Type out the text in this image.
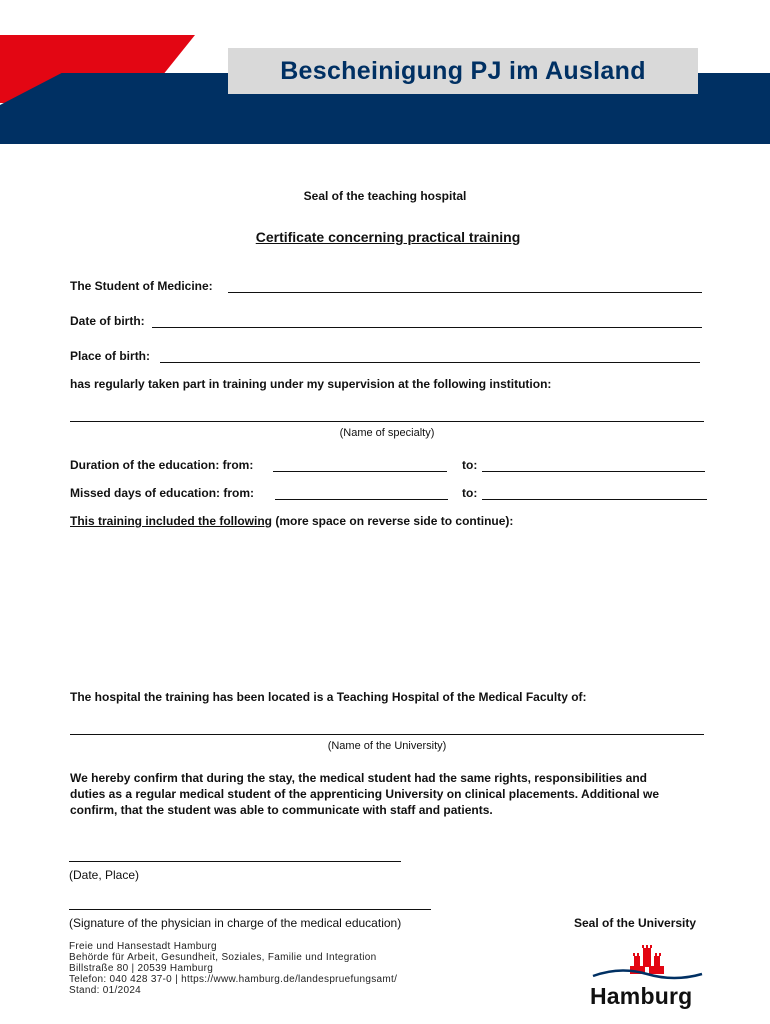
Bescheinigung PJ im Ausland
Seal of the teaching hospital
Certificate concerning practical training
The Student of Medicine:
Date of birth:
Place of birth:
has regularly taken part in training under my supervision at the following institution:
(Name of specialty)
Duration of the education: from:	to:
Missed days of education: from:	to:
This training included the following (more space on reverse side to continue):
The hospital the training has been located is a Teaching Hospital of the Medical Faculty of:
(Name of the University)
We hereby confirm that during the stay, the medical student had the same rights, responsibilities and
duties as a regular medical student of the apprenticing University on clinical placements. Additional we
confirm, that the student was able to communicate with staff and patients.
(Date, Place)
(Signature of the physician in charge of the medical education)	Seal of the University
Freie und Hansestadt Hamburg
Behörde für Arbeit, Gesundheit, Soziales, Familie und Integration
Billstraße 80 | 20539 Hamburg
Telefon: 040 428 37-0 | https://www.hamburg.de/landespruefungsamt/
Stand: 01/2024	Hamburg
